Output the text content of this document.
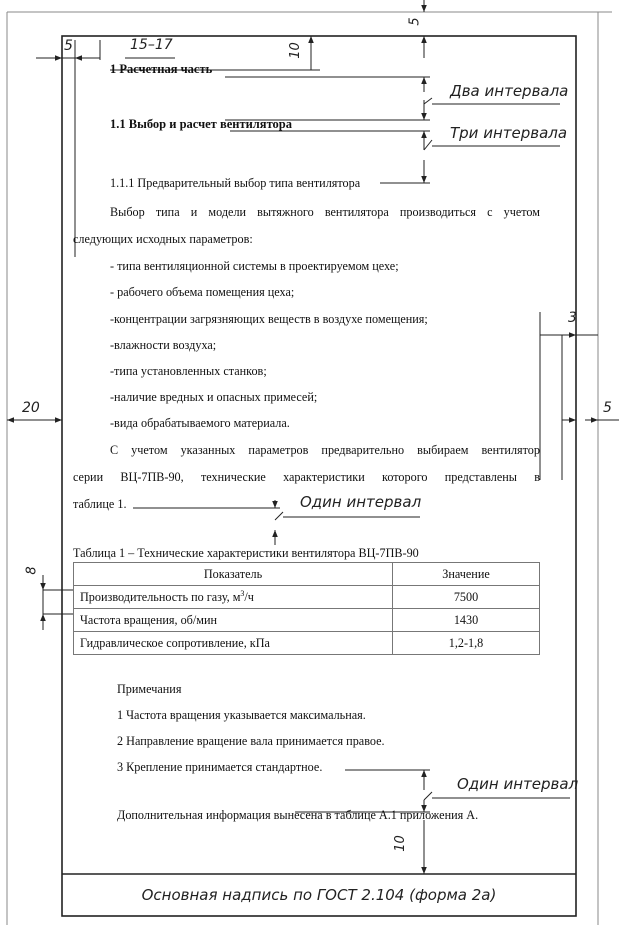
5
5	15–17	10
Два интервала
Три интервала
3
20	5
Один интервал
8
Один интервал
10
Основная надпись по ГОСТ 2.104 (форма 2а)
1 Расчетная часть
1.1 Выбор и расчет вентилятора
1.1.1 Предварительный выбор типа вентилятора
Выбор типа и модели вытяжного вентилятора производиться с учетом
следующих исходных параметров:
- типа вентиляционной системы в проектируемом цехе;
- рабочего объема помещения цеха;
-концентрации загрязняющих веществ в воздухе помещения;
-влажности воздуха;
-типа установленных станков;
-наличие вредных и опасных примесей;
-вида обрабатываемого материала.
С учетом указанных параметров предварительно выбираем вентилятор
серии ВЦ-7ПВ-90, технические характеристики которого представлены в
таблице 1.
Таблица 1 – Технические характеристики вентилятора ВЦ-7ПВ-90
Показатель	Значение
Производительность по газу, $м^3/ч$	7500
Частота вращения, об/мин	1430
Гидравлическое сопротивление, кПа	1,2-1,8
Примечания
1 Частота вращения указывается максимальная.
2 Направление вращение вала принимается правое.
3 Крепление принимается стандартное.
Дополнительная информация вынесена в таблице А.1 приложения А.
